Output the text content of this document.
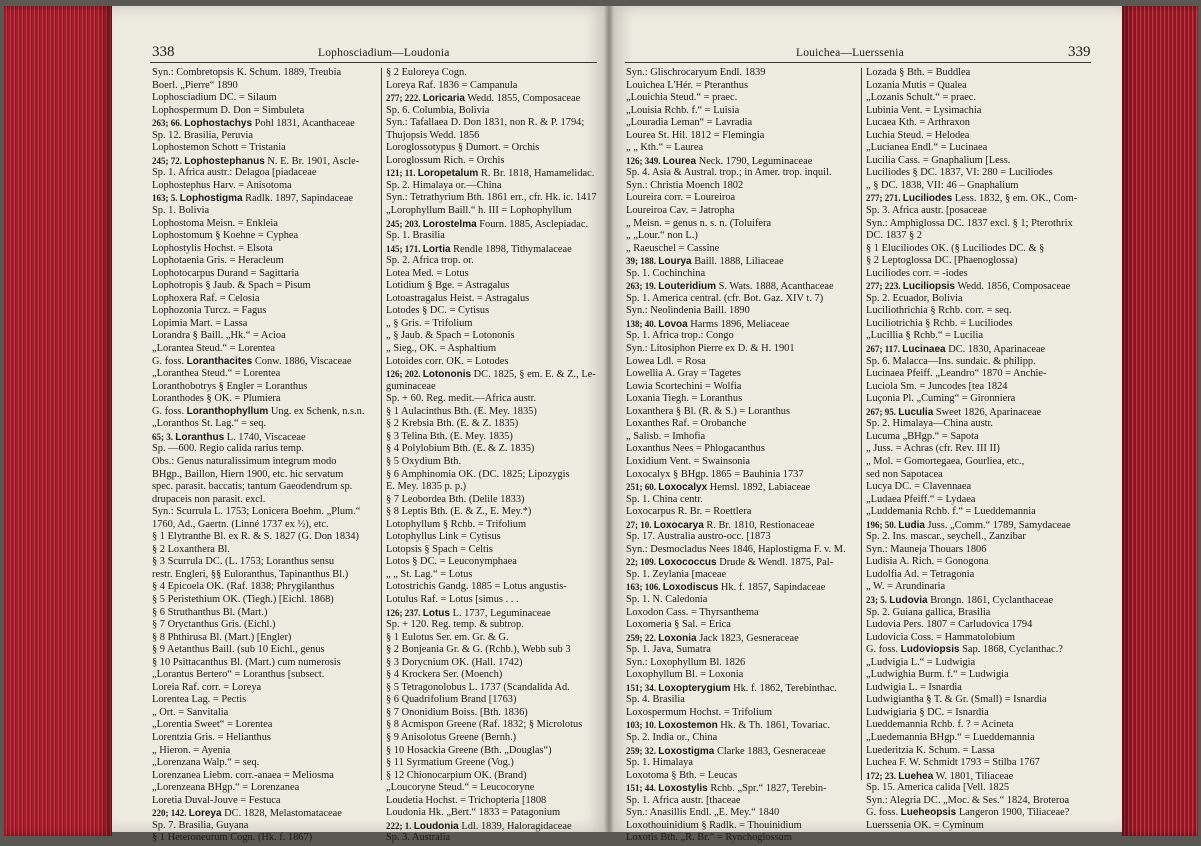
338	Lophosciadium—Loudonia	Louichea—Luerssenia	339
Syn.: Combretopsis K. Schum. 1889, Treubia
Boerl. „Pierre“ 1890
Lophosciadium DC. = Silaum
Lophospermum D. Don = Simbuleta
263; 66. Lophostachys Pohl 1831, Acanthaceae
Sp. 12. Brasilia, Peruvia
Lophostemon Schott = Tristania
245; 72. Lophostephanus N. E. Br. 1901, Ascle-
Sp. 1. Africa austr.: Delagoa [piadaceae
Lophostephus Harv. = Anisotoma
163; 5. Lophostigma Radlk. 1897, Sapindaceae
Sp. 1. Bolivia
Lophostoma Meisn. = Enkleia
Lophostomum § Koehne = Cyphea
Lophostylis Hochst. = Elsota
Lophotaenia Gris. = Heracleum
Lophotocarpus Durand = Sagittaria
Lophotropis § Jaub. & Spach = Pisum
Lophoxera Raf. = Celosia
Lophozonia Turcz. = Fagus
Lopimia Mart. = Lassa
Lorandra § Baill. „Hk.“ = Acioa
„Lorantea Steud.“ = Lorentea
G. foss. Loranthacites Conw. 1886, Viscaceae
„Loranthea Steud.“ = Lorentea
Loranthobotrys § Engler = Loranthus
Loranthodes § OK. = Plumiera
G. foss. Loranthophyllum Ung. ex Schenk, n.s.n.
„Loranthos St. Lag.“ = seq.
65; 3. Loranthus L. 1740, Viscaceae
Sp. —600. Regio calida rarius temp.
Obs.: Genus naturalissimum integrum modo
BHgp., Baillon, Hiern 1900, etc. hic servatum
spec. parasit. baccatis; tantum Gaeodendrum sp.
drupaceis non parasit. excl.
Syn.: Scurrula L. 1753; Lonicera Boehm. „Plum.“
1760, Ad., Gaertn. (Linné 1737 ex ½), etc.
§ 1 Elytranthe Bl. ex R. & S. 1827 (G. Don 1834)
§ 2 Loxanthera Bl.
§ 3 Scurrula DC. (L. 1753; Loranthus sensu
restr. Engleri, §§ Euloranthus, Tapinanthus Bl.)
§ 4 Epicoela OK. (Raf. 1838; Phrygilanthus
§ 5 Peristethium OK. (Tiegh.) [Eichl. 1868)
§ 6 Struthanthus Bl. (Mart.)
§ 7 Oryctanthus Gris. (Eichl.)
§ 8 Phthirusa Bl. (Mart.) [Engler)
§ 9 Aetanthus Baill. (sub 10 Eichl., genus
§ 10 Psittacanthus Bl. (Mart.) cum numerosis
„Lorantus Bertero“ = Loranthus [subsect.
Loreia Raf. corr. = Loreya
Lorentea Lag. = Pectis
„ Ort. = Sanvitalia
„Lorentia Sweet“ = Lorentea
Lorentzia Gris. = Helianthus
„ Hieron. = Ayenia
„Lorenzana Walp.“ = seq.
Lorenzanea Liebm. corr.-anaea = Meliosma
„Lorenzeana BHgp.“ = Lorenzanea
Loretia Duval-Jouve = Festuca
220; 142. Loreya DC. 1828, Melastomataceae
Sp. 7. Brasilia, Guyana
§ 1 Heteroneurum Cogn. (Hk. f. 1867)
§ 2 Euloreya Cogn.
Loreya Raf. 1836 = Campanula
277; 222. Loricaria Wedd. 1855, Composaceae
Sp. 6. Columbia, Bolivia
Syn.: Tafallaea D. Don 1831, non R. & P. 1794;
Thujopsis Wedd. 1856
Loroglossotypus § Dumort. = Orchis
Loroglossum Rich. = Orchis
121; 11. Loropetalum R. Br. 1818, Hamamelidac.
Sp. 2. Himalaya or.—China
Syn.: Tetrathyrium Bth. 1861 err., cfr. Hk. ic. 1417
„Lorophyllum Baill.“ h. III = Lophophyllum
245; 203. Lorostelma Fourn. 1885, Asclepiadac.
Sp. 1. Brasilia
145; 171. Lortia Rendle 1898, Tithymalaceae
Sp. 2. Africa trop. or.
Lotea Med. = Lotus
Lotidium § Bge. = Astragalus
Lotoastragalus Heist. = Astragalus
Lotodes § DC. = Cytisus
„ § Gris. = Trifolium
„ § Jaub. & Spach = Lotononis
„ Sieg., OK. = Asphaltium
Lotoides corr. OK. = Lotodes
126; 202. Lotononis DC. 1825, § em. E. & Z., Le-
guminaceae
Sp. + 60. Reg. medit.—Africa austr.
§ 1 Aulacinthus Bth. (E. Mey. 1835)
§ 2 Krebsia Bth. (E. & Z. 1835)
§ 3 Telina Bth. (E. Mey. 1835)
§ 4 Polylobium Bth. (E. & Z. 1835)
§ 5 Oxydium Bth.
§ 6 Amphinomia OK. (DC. 1825; Lipozygis
E. Mey. 1835 p. p.)
§ 7 Leobordea Bth. (Delile 1833)
§ 8 Leptis Bth. (E. & Z., E. Mey.*)
Lotophyllum § Rchb. = Trifolium
Lotophyllus Link = Cytisus
Lotopsis § Spach = Celtis
Lotos § DC. = Leuconymphaea
„ „ St. Lag.“ = Lotus
Lotostrichis Gandg. 1885 = Lotus angustis-
Lotulus Raf. = Lotus [simus . . .
126; 237. Lotus L. 1737, Leguminaceae
Sp. + 120. Reg. temp. & subtrop.
§ 1 Eulotus Ser. em. Gr. & G.
§ 2 Bonjeania Gr. & G. (Rchb.), Webb sub 3
§ 3 Dorycnium OK. (Hall. 1742)
§ 4 Krockera Ser. (Moench)
§ 5 Tetragonolobus L. 1737 (Scandalida Ad.
§ 6 Quadrifolium Brand [1763)
§ 7 Ononidium Boiss. [Bth. 1836)
§ 8 Acmispon Greene (Raf. 1832; § Microlotus
§ 9 Anisolotus Greene (Bernh.)
§ 10 Hosackia Greene (Bth. „Douglas“)
§ 11 Syrmatium Greene (Vog.)
§ 12 Chionocarpium OK. (Brand)
„Loucoryne Steud.“ = Leucocoryne
Loudetia Hochst. = Trichopteria [1808
Loudonia Hk. „Bert.“ 1833 = Patagonium
222; 1. Loudonia Ldl. 1839, Haloragidaceae
Sp. 3. Australia
Syn.: Glischrocaryum Endl. 1839
Louichea L'Hér. = Pteranthus
„Louichia Steud.“ = praec.
„Louisia Rchb. f.“ = Luisia
„Louradia Leman“ = Lavradia
Lourea St. Hil. 1812 = Flemingia
„ „ Kth.“ = Laurea
126; 349. Lourea Neck. 1790, Leguminaceae
Sp. 4. Asia & Austral. trop.; in Amer. trop. inquil.
Syn.: Christia Moench 1802
Loureira corr. = Loureiroa
Loureiroa Cav. = Jatropha
„ Meisn. = genus n. s. n. (Toluifera
„ „Lour.“ non L.)
„ Raeuschel = Cassine
39; 188. Lourya Baill. 1888, Liliaceae
Sp. 1. Cochinchina
263; 19. Louteridium S. Wats. 1888, Acanthaceae
Sp. 1. America central. (cfr. Bot. Gaz. XIV t. 7)
Syn.: Neolindenia Baill. 1890
138; 40. Lovoa Harms 1896, Meliaceae
Sp. 1. Africa trop.: Congo
Syn.: Litosiphon Pierre ex D. & H. 1901
Lowea Ldl. = Rosa
Lowellia A. Gray = Tagetes
Lowia Scortechini = Wolfia
Loxania Tiegh. = Loranthus
Loxanthera § Bl. (R. & S.) = Loranthus
Loxanthes Raf. = Orobanche
„ Salisb. = Imhofia
Loxanthus Nees = Phlogacanthus
Loxidium Vent. = Swainsonia
Loxocalyx § BHgp. 1865 = Bauhinia 1737
251; 60. Loxocalyx Hemsl. 1892, Labiaceae
Sp. 1. China centr.
Loxocarpus R. Br. = Roettlera
27; 10. Loxocarya R. Br. 1810, Restionaceae
Sp. 17. Australia austro-occ. [1873
Syn.: Desmocladus Nees 1846, Haplostigma F. v. M.
22; 109. Loxococcus Drude & Wendl. 1875, Pal-
Sp. 1. Zeylania [maceae
163; 106. Loxodiscus Hk. f. 1857, Sapindaceae
Sp. 1. N. Caledonia
Loxodon Cass. = Thyrsanthema
Loxomeria § Sal. = Erica
259; 22. Loxonia Jack 1823, Gesneraceae
Sp. 1. Java, Sumatra
Syn.: Loxophyllum Bl. 1826
Loxophyllum Bl. = Loxonia
151; 34. Loxopterygium Hk. f. 1862, Terebinthac.
Sp. 4. Brasilia
Loxospermum Hochst. = Trifolium
103; 10. Loxostemon Hk. & Th. 1861, Tovariac.
Sp. 2. India or., China
259; 32. Loxostigma Clarke 1883, Gesneraceae
Sp. 1. Himalaya
Loxotoma § Bth. = Leucas
151; 44. Loxostylis Rchb. „Spr.“ 1827, Terebin-
Sp. 1. Africa austr. [thaceae
Syn.: Anasillis Endl. „E. Mey.“ 1840
Loxothouinidium § Radlk. = Thouinidium
Loxotis Bth. „R. Br.“ = Rynchoglossum
Lozada § Bth. = Buddlea
Lozania Mutis = Qualea
„Lozanis Schult.“ = praec.
Lubinia Vent. = Lysimachia
Lucaea Kth. = Arthraxon
Luchia Steud. = Helodea
„Lucianea Endl.“ = Lucinaea
Lucilia Cass. = Gnaphalium [Less.
Luciliodes § DC. 1837, VI: 280 = Luciliodes
„ § DC. 1838, VII: 46 – Gnaphalium
277; 271. Luciliodes Less. 1832, § em. OK., Com-
Sp. 3. Africa austr. [posaceae
Syn.: Amphiglossa DC. 1837 excl. § 1; Pterothrix
DC. 1837 § 2
§ 1 Eluciliodes OK. (§ Luciliodes DC. & §
§ 2 Leptoglossa DC. [Phaenoglossa)
Luciliodes corr. = -iodes
277; 223. Luciliopsis Wedd. 1856, Composaceae
Sp. 2. Ecuador, Bolivia
Luciliothrichia § Rchb. corr. = seq.
Luciliotrichia § Rchb. = Luciliodes
„Lucillia § Rchb.“ = Lucilia
267; 117. Lucinaea DC. 1830, Aparinaceae
Sp. 6. Malacca—Ins. sundaic. & philipp.
Lucinaea Pfeiff. „Leandro“ 1870 = Anchie-
Luciola Sm. = Juncodes [tea 1824
Luçonia Pl. „Cuming“ = Gironniera
267; 95. Luculia Sweet 1826, Aparinaceae
Sp. 2. Himalaya—China austr.
Lucuma „BHgp.“ = Sapota
„ Juss. = Achras (cfr. Rev. III II)
„ Mol. = Gomortegaea, Gourliea, etc.,
sed non Sapotacea
Lucya DC. = Clavennaea
„Ludaea Pfeiff.“ = Lydaea
„Luddemania Rchb. f.“ = Lueddemannia
196; 50. Ludia Juss. „Comm.“ 1789, Samydaceae
Sp. 2. Ins. mascar., seychell., Zanzibar
Syn.: Mauneja Thouars 1806
Ludisia A. Rich. = Gonogona
Ludolfia Ad. = Tetragonia
„ W. = Arundinaria
23; 5. Ludovia Brongn. 1861, Cyclanthaceae
Sp. 2. Guiana gallica, Brasilia
Ludovia Pers. 1807 = Carludovica 1794
Ludovicia Coss. = Hammatolobium
G. foss. Ludoviopsis Sap. 1868, Cyclanthac.?
„Ludvigia L.“ = Ludwigia
„Ludwighia Burm. f.“ = Ludwigia
Ludwigia L. = Isnardia
Ludwigiantha § T. & Gr. (Small) = Isnardia
Ludwigiaria § DC. = Isnardia
Lueddemannia Rchb. f. ? = Acineta
„Luedemannia BHgp.“ = Lueddemannia
Luederitzia K. Schum. = Lassa
Luchea F. W. Schmidt 1793 = Stilba 1767
172; 23. Luehea W. 1801, Tiliaceae
Sp. 15. America calida [Vell. 1825
Syn.: Alegria DC. „Moc. & Ses.“ 1824, Broteroa
G. foss. Lueheopsis Langeron 1900, Tiliaceae?
Luerssenia OK. = Cyminum
